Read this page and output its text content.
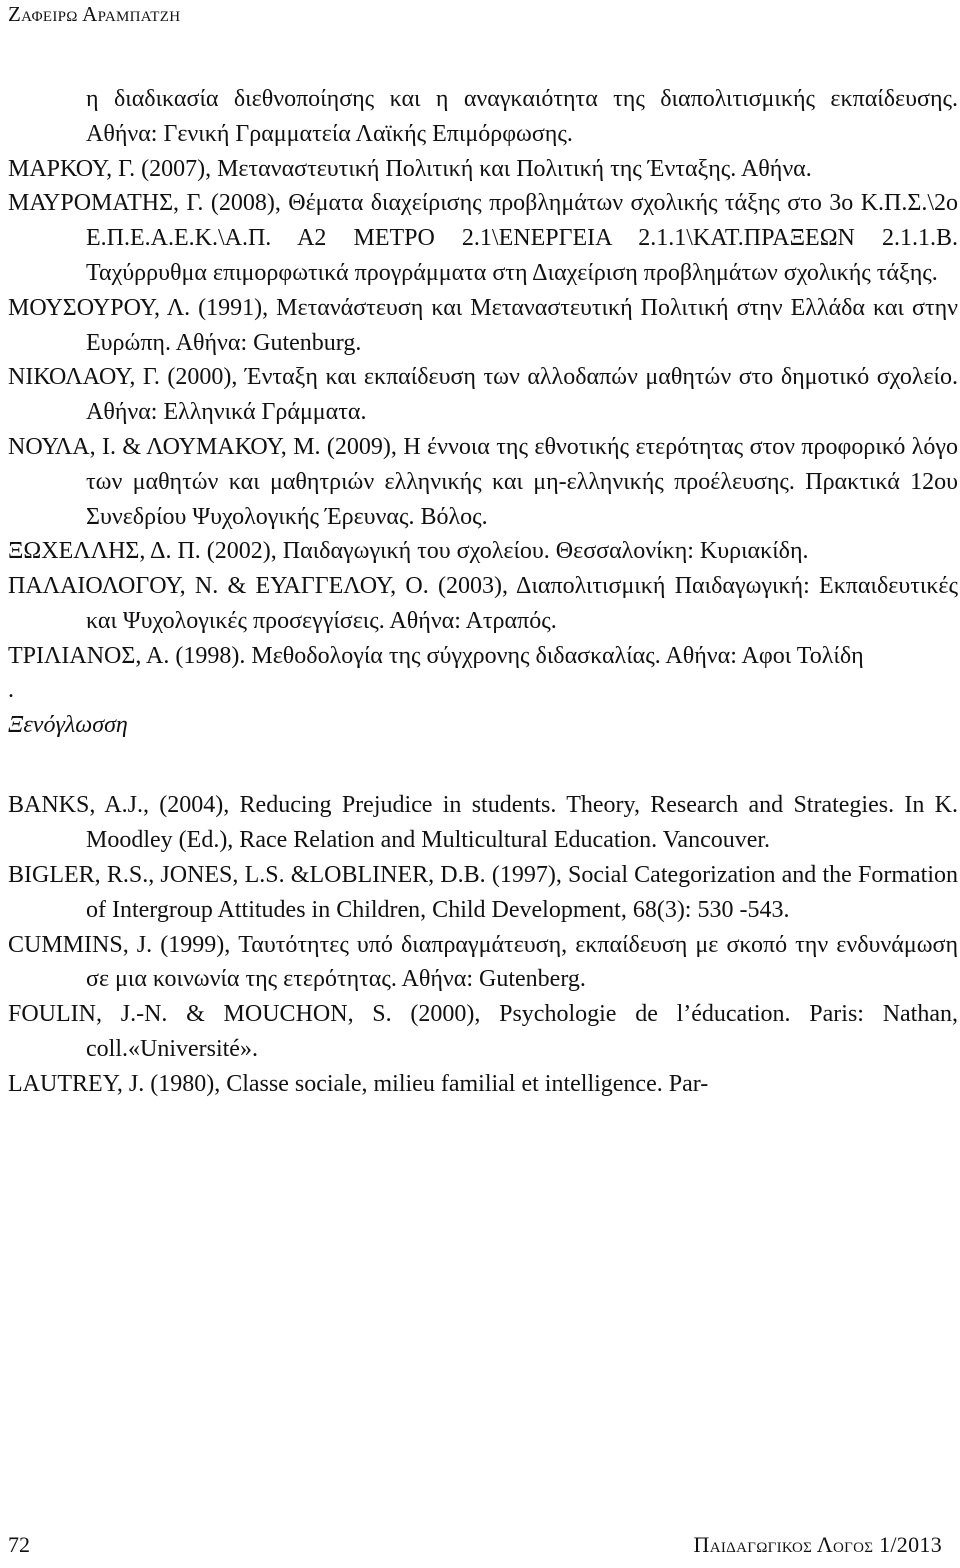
Ζαφειρω Αραμπατζη

η διαδικασία διεθνοποίησης και η αναγκαιότητα της διαπολιτισμικής εκπαίδευσης. Αθήνα: Γενική Γραμματεία Λαϊκής Επιμόρφωσης.

ΜΑΡΚΟΥ, Γ. (2007), Μεταναστευτική Πολιτική και Πολιτική της Ένταξης. Αθήνα.

ΜΑΥΡΟΜΑΤΗΣ, Γ. (2008), Θέματα διαχείρισης προβλημάτων σχολικής τάξης στο 3ο Κ.Π.Σ.\2ο Ε.Π.Ε.Α.Ε.Κ.\Α.Π. Α2 ΜΕΤΡΟ 2.1\ΕΝΕΡΓΕΙΑ 2.1.1\ΚΑΤ.ΠΡΑΞΕΩΝ 2.1.1.Β. Ταχύρρυθμα επιμορφωτικά προγράμματα στη Διαχείριση προβλημάτων σχολικής τάξης.

ΜΟΥΣΟΥΡΟΥ, Λ. (1991), Μετανάστευση και Μεταναστευτική Πολιτική στην Ελλάδα και στην Ευρώπη. Αθήνα: Gutenburg.

ΝΙΚΟΛΑΟΥ, Γ. (2000), Ένταξη και εκπαίδευση των αλλοδαπών μαθητών στο δημοτικό σχολείο. Αθήνα: Ελληνικά Γράμματα.

ΝΟΥΛΑ, Ι. & ΛΟΥΜΑΚΟΥ, Μ. (2009), Η έννοια της εθνοτικής ετερότητας στον προφορικό λόγο των μαθητών και μαθητριών ελληνικής και μη-ελληνικής προέλευσης. Πρακτικά 12ου Συνεδρίου Ψυχολογικής Έρευνας. Βόλος.

ΞΩΧΕΛΛΗΣ, Δ. Π. (2002), Παιδαγωγική του σχολείου. Θεσσαλονίκη: Κυριακίδη.

ΠΑΛΑΙΟΛΟΓΟΥ, Ν. & ΕΥΑΓΓΕΛΟΥ, Ο. (2003), Διαπολιτισμική Παιδαγωγική: Εκπαιδευτικές και Ψυχολογικές προσεγγίσεις. Αθήνα: Ατραπός.

ΤΡΙΛΙΑΝΟΣ, Α. (1998). Μεθοδολογία της σύγχρονης διδασκαλίας. Αθήνα: Αφοι Τολίδη

.
Ξενόγλωσση

BANKS, A.J., (2004), Reducing Prejudice in students. Theory, Research and Strategies. In K. Moodley (Ed.), Race Relation and Multicultural Education. Vancouver.

BIGLER, R.S., JONES, L.S. &LOBLINER, D.B. (1997), Social Categorization and the Formation of Intergroup Attitudes in Children, Child Development, 68(3): 530 -543.

CUMMINS, J. (1999), Ταυτότητες υπό διαπραγμάτευση, εκπαίδευση με σκοπό την ενδυνάμωση σε μια κοινωνία της ετερότητας. Αθήνα: Gutenberg.

FOULIN, J.-N. & MOUCHON, S. (2000), Psychologie de l’éducation. Paris: Nathan, coll.«Université».

LAUTREY, J. (1980), Classe sociale, milieu familial et intelligence. Par-

72	Παιδαγωγικος Λογος 1/2013
